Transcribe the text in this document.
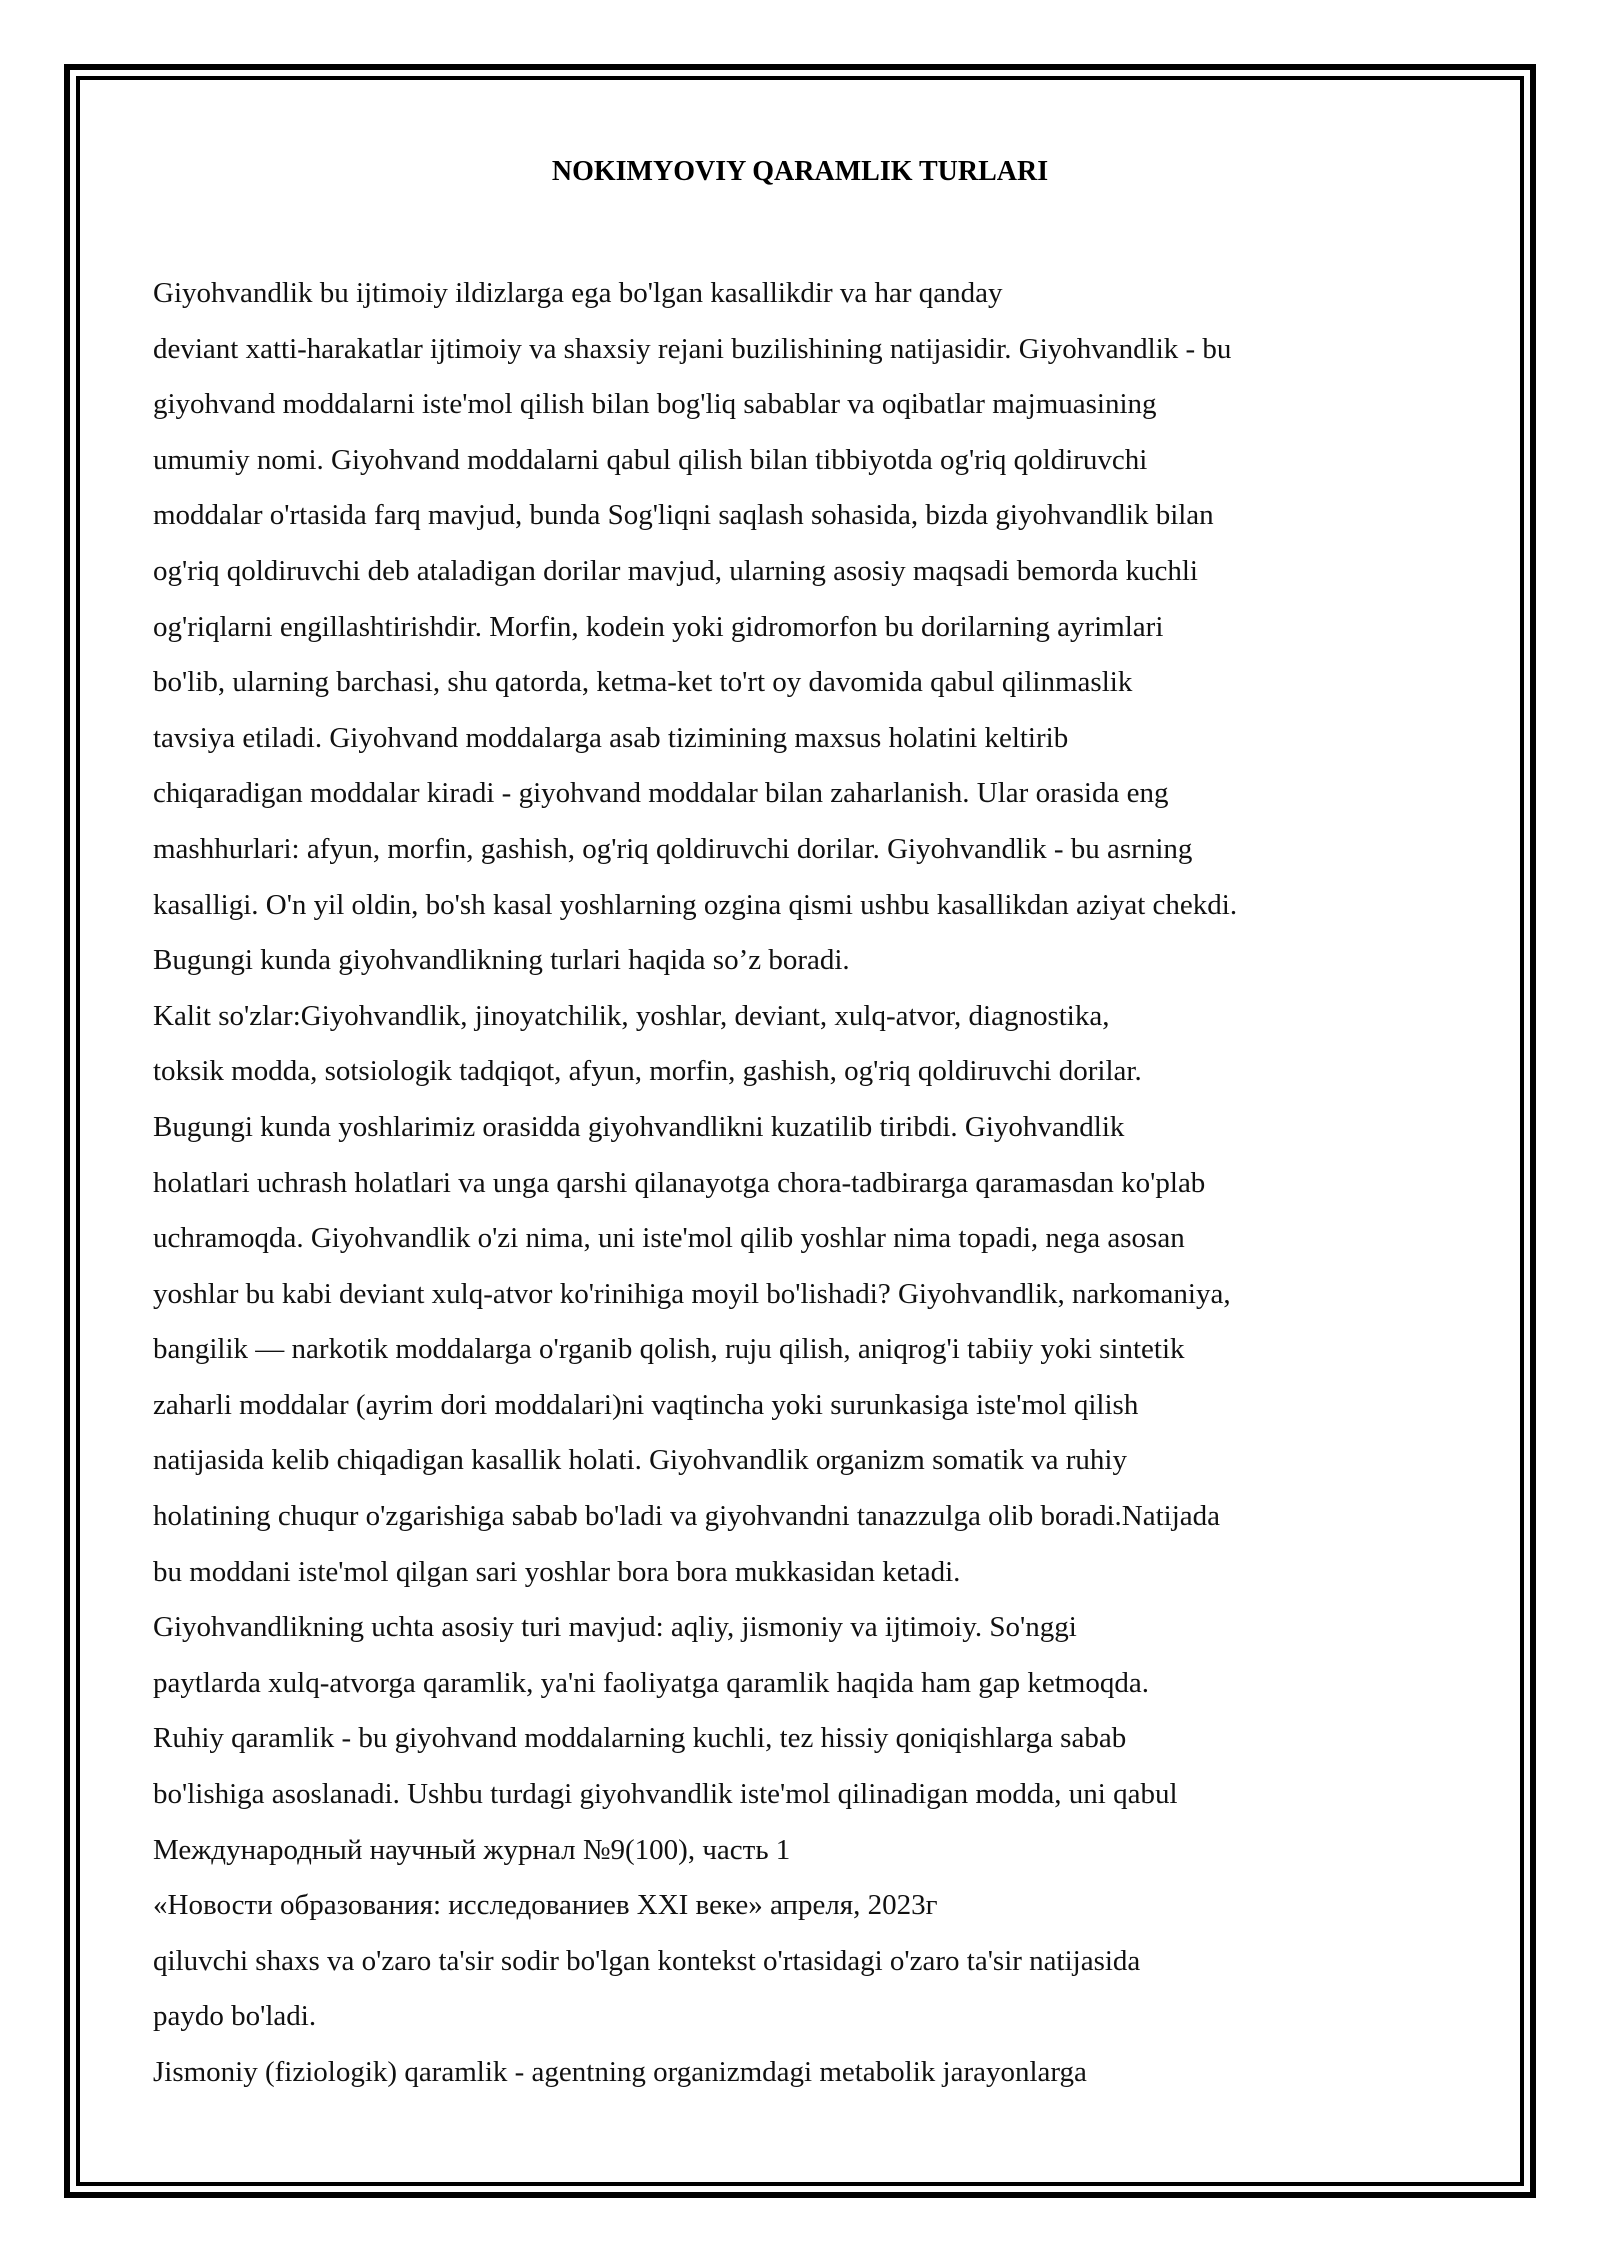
NOKIMYOVIY QARAMLIK TURLARI
Giyohvandlik bu ijtimoiy ildizlarga ega bo'lgan kasallikdir va har qanday
deviant xatti-harakatlar ijtimoiy va shaxsiy rejani buzilishining natijasidir. Giyohvandlik - bu
giyohvand moddalarni iste'mol qilish bilan bog'liq sabablar va oqibatlar majmuasining
umumiy nomi. Giyohvand moddalarni qabul qilish bilan tibbiyotda og'riq qoldiruvchi
moddalar o'rtasida farq mavjud, bunda Sog'liqni saqlash sohasida, bizda giyohvandlik bilan
og'riq qoldiruvchi deb ataladigan dorilar mavjud, ularning asosiy maqsadi bemorda kuchli
og'riqlarni engillashtirishdir. Morfin, kodein yoki gidromorfon bu dorilarning ayrimlari
bo'lib, ularning barchasi, shu qatorda, ketma-ket to'rt oy davomida qabul qilinmaslik
tavsiya etiladi. Giyohvand moddalarga asab tizimining maxsus holatini keltirib
chiqaradigan moddalar kiradi - giyohvand moddalar bilan zaharlanish. Ular orasida eng
mashhurlari: afyun, morfin, gashish, og'riq qoldiruvchi dorilar. Giyohvandlik - bu asrning
kasalligi. O'n yil oldin, bo'sh kasal yoshlarning ozgina qismi ushbu kasallikdan aziyat chekdi.
Bugungi kunda giyohvandlikning turlari haqida so’z boradi.
Kalit so'zlar:Giyohvandlik, jinoyatchilik, yoshlar, deviant, xulq-atvor, diagnostika,
toksik modda, sotsiologik tadqiqot, afyun, morfin, gashish, og'riq qoldiruvchi dorilar.
Bugungi kunda yoshlarimiz orasidda giyohvandlikni kuzatilib tiribdi. Giyohvandlik
holatlari uchrash holatlari va unga qarshi qilanayotga chora-tadbirarga qaramasdan ko'plab
uchramoqda. Giyohvandlik o'zi nima, uni iste'mol qilib yoshlar nima topadi, nega asosan
yoshlar bu kabi deviant xulq-atvor ko'rinihiga moyil bo'lishadi? Giyohvandlik, narkomaniya,
bangilik — narkotik moddalarga o'rganib qolish, ruju qilish, aniqrog'i tabiiy yoki sintetik
zaharli moddalar (ayrim dori moddalari)ni vaqtincha yoki surunkasiga iste'mol qilish
natijasida kelib chiqadigan kasallik holati. Giyohvandlik organizm somatik va ruhiy
holatining chuqur o'zgarishiga sabab bo'ladi va giyohvandni tanazzulga olib boradi.Natijada
bu moddani iste'mol qilgan sari yoshlar bora bora mukkasidan ketadi.
Giyohvandlikning uchta asosiy turi mavjud: aqliy, jismoniy va ijtimoiy. So'nggi
paytlarda xulq-atvorga qaramlik, ya'ni faoliyatga qaramlik haqida ham gap ketmoqda.
Ruhiy qaramlik - bu giyohvand moddalarning kuchli, tez hissiy qoniqishlarga sabab
bo'lishiga asoslanadi. Ushbu turdagi giyohvandlik iste'mol qilinadigan modda, uni qabul
Международный научный журнал №9(100), часть 1
«Новости образования: исследованиев XXI веке» апреля, 2023г
qiluvchi shaxs va o'zaro ta'sir sodir bo'lgan kontekst o'rtasidagi o'zaro ta'sir natijasida
paydo bo'ladi.
Jismoniy (fiziologik) qaramlik - agentning organizmdagi metabolik jarayonlarga
